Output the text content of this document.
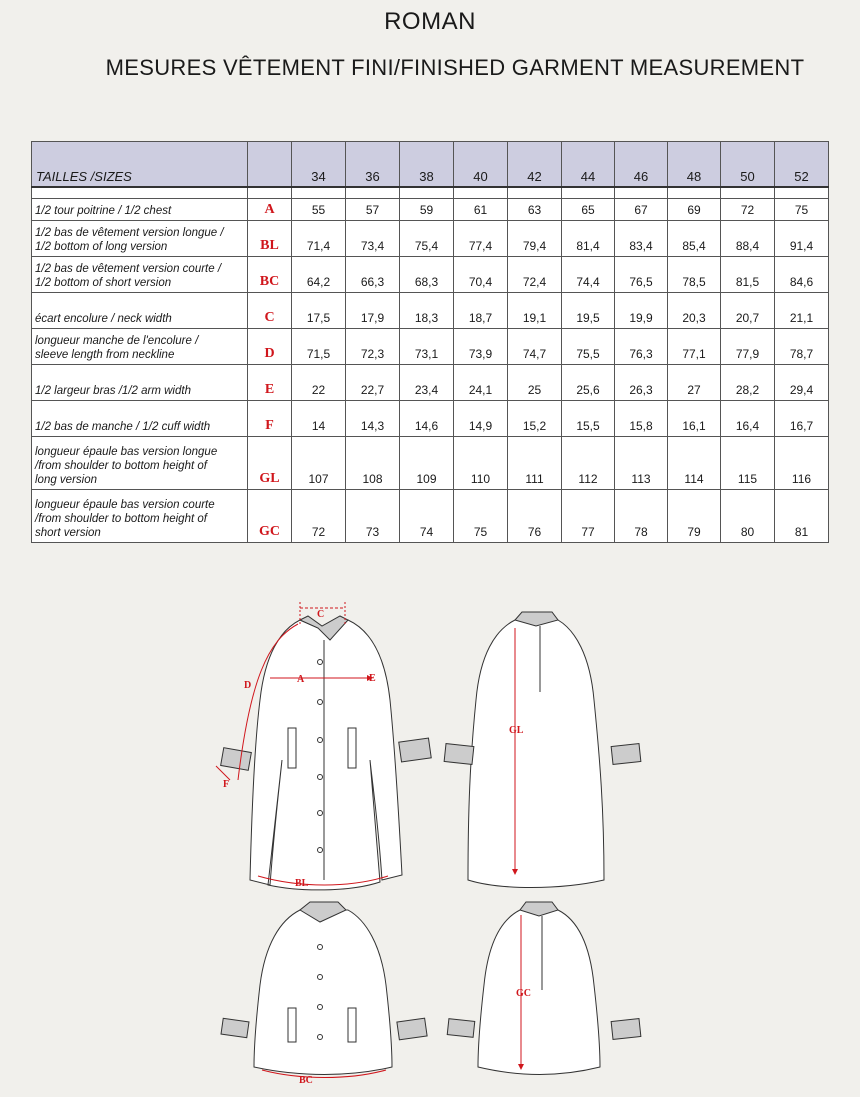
ROMAN
MESURES VÊTEMENT FINI/FINISHED GARMENT MEASUREMENT
TAILLES /SIZES		34	36	38	40	42	44	46	48	50	52

1/2 tour poitrine / 1/2 chest	A	55	57	59	61	63	65	67	69	72	75

1/2 bas de vêtement version longue /
1/2 bottom of long version	BL	71,4	73,4	75,4	77,4	79,4	81,4	83,4	85,4	88,4	91,4

1/2 bas de vêtement version courte /
1/2 bottom of short version	BC	64,2	66,3	68,3	70,4	72,4	74,4	76,5	78,5	81,5	84,6

écart encolure / neck width	C	17,5	17,9	18,3	18,7	19,1	19,5	19,9	20,3	20,7	21,1

longueur manche de l'encolure /
sleeve length from neckline	D	71,5	72,3	73,1	73,9	74,7	75,5	76,3	77,1	77,9	78,7

1/2 largeur bras /1/2 arm width	E	22	22,7	23,4	24,1	25	25,6	26,3	27	28,2	29,4

1/2 bas de manche / 1/2 cuff width	F	14	14,3	14,6	14,9	15,2	15,5	15,8	16,1	16,4	16,7

longueur épaule bas version longue
/from shoulder to bottom height of
long version	GL	107	108	109	110	111	112	113	114	115	116

longueur épaule bas version courte
/from shoulder to bottom height of
short version	GC	72	73	74	75	76	77	78	79	80	81
C
A
D
E
F
BL
GL
BC
GC
